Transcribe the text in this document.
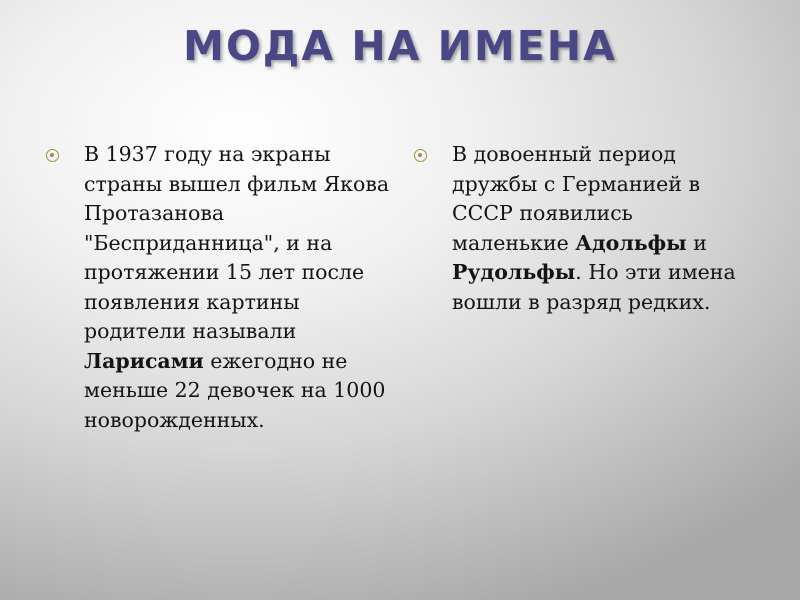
МОДА НА ИМЕНА
В 1937 году на экраны страны вышел фильм Якова Протазанова "Бесприданница", и на протяжении 15 лет после появления картины родители называли Ларисами ежегодно не меньше 22 девочек на 1000 новорожденных.
В довоенный период дружбы с Германией в СССР появились маленькие Адольфы и Рудольфы. Но эти имена вошли в разряд редких.
